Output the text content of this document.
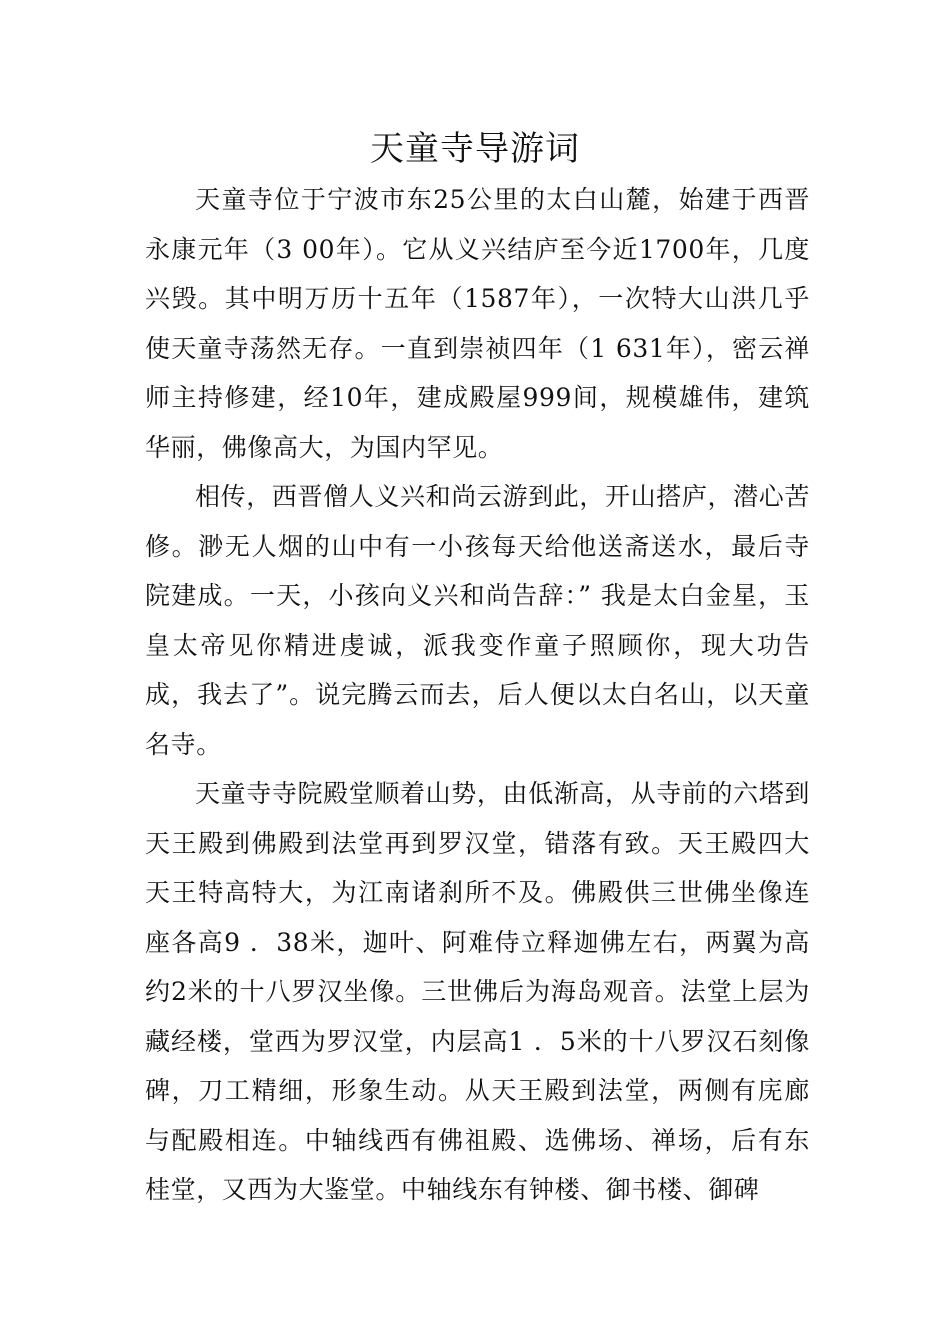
天童寺导游词

天童寺位于宁波市东25公里的太白山麓，始建于西晋永康元年（3 00年）。它从义兴结庐至今近1700年，几度兴毁。其中明万历十五年（1587年），一次特大山洪几乎使天童寺荡然无存。一直到崇祯四年（1 631年），密云禅师主持修建，经10年，建成殿屋999间，规模雄伟，建筑华丽，佛像高大，为国内罕见。

相传，西晋僧人义兴和尚云游到此，开山搭庐，潜心苦修。渺无人烟的山中有一小孩每天给他送斋送水，最后寺院建成。一天，小孩向义兴和尚告辞：” 我是太白金星，玉皇太帝见你精进虔诚，派我变作童子照顾你，现大功告成，我去了”。说完腾云而去，后人便以太白名山，以天童名寺。

天童寺寺院殿堂顺着山势，由低渐高，从寺前的六塔到天王殿到佛殿到法堂再到罗汉堂，错落有致。天王殿四大天王特高特大，为江南诸刹所不及。佛殿供三世佛坐像连座各高9 ．38米，迦叶、阿难侍立释迦佛左右，两翼为高约2米的十八罗汉坐像。三世佛后为海岛观音。法堂上层为藏经楼，堂西为罗汉堂，内层高1 ．5米的十八罗汉石刻像碑，刀工精细，形象生动。从天王殿到法堂，两侧有庑廊与配殿相连。中轴线西有佛祖殿、选佛场、禅场，后有东桂堂，又西为大鉴堂。中轴线东有钟楼、御书楼、御碑
